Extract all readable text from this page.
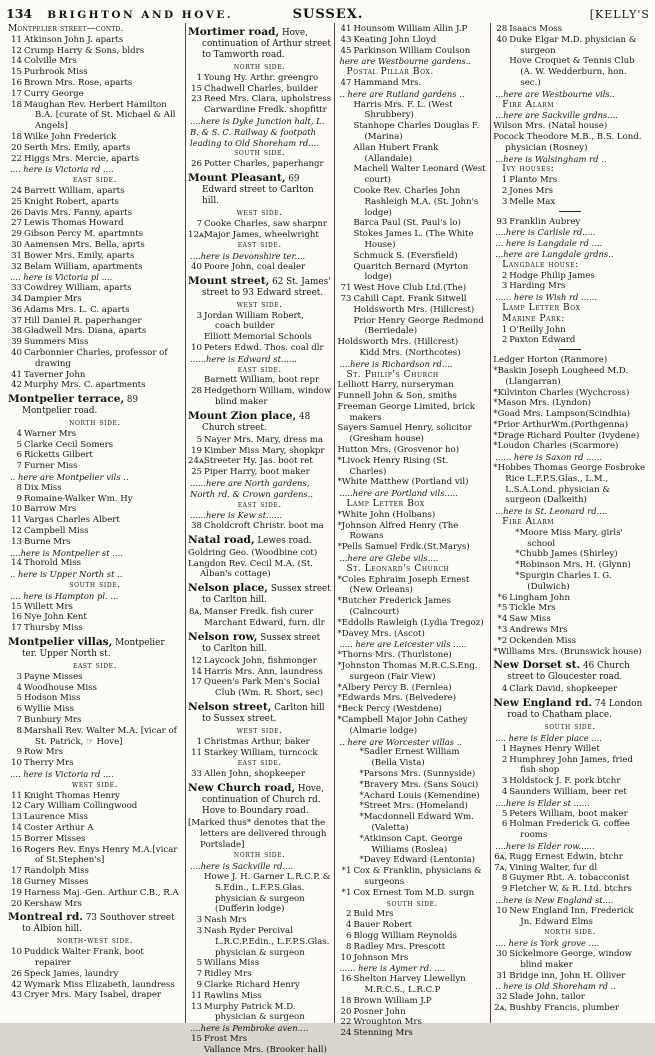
134 BRIGHTON AND HOVE.	SUSSEX.	[KELLY'S
Montpelier street—contd.
11 Atkinson John J. aparts
12 Crump Harry & Sons, bldrs
14 Colville Mrs
15 Purbrook Miss
16 Brown Mrs. Rose, aparts
17 Curry George
18 Maughan Rev. Herbert Hamilton B.A. [curate of St. Michael & All Angels]
18 Wilke John Frederick
20 Serth Mrs. Emily, aparts
22 Higgs Mrs. Mercie, aparts
.... here is Victoria rd ....
east side.
24 Barrett William, aparts
25 Knight Robert, aparts
26 Davis Mrs. Fanny, aparts
27 Lewis Thomas Howard
29 Gibson Percy M. apartmnts
30 Aamensen Mrs. Bella, aprts
31 Bower Mrs. Emily, aparts
32 Belam William, apartments
.... here is Victoria pl ....
33 Cowdrey William, aparts
34 Dampier Mrs
36 Adams Mrs. L. C. aparts
37 Hill Daniel R. paperhanger
38 Gladwell Mrs. Diana, aparts
39 Summers Miss
40 Carbonnier Charles, professor of drawing
41 Taverner John
42 Murphy Mrs. C. apartments
Montpelier terrace, 89 Montpelier road.
north side.
4 Warner Mrs
5 Clarke Cecil Somers
6 Ricketts Gilbert
7 Furner Miss
.. here are Montpelier vils ..
8 Dix Miss
9 Romaine-Walker Wm. Hy
10 Barrow Mrs
11 Vargas Charles Albert
12 Campbell Miss
13 Burne Mrs
....here is Montpelier st ....
14 Thorold Miss
.. here is Upper North st ..
south side.
.... here is Hampton pl. ...
15 Willett Mrs
16 Nye John Kent
17 Thursby Miss
Montpelier villas, Montpelier ter. Upper North st.
east side.
3 Payne Misses
4 Woodhouse Miss
5 Hodson Miss
6 Wyllie Miss
7 Bunbury Mrs
8 Marshall Rev. Walter M.A. [vicar of St. Patrick, ☞ Hove]
9 Row Mrs
10 Therry Mrs
.... here is Victoria rd ....
west side.
11 Knight Thomas Henry
12 Cary William Collingwood
13 Laurence Miss
14 Coster Arthur A
15 Borrer Misses
16 Rogers Rev. Enys Henry M.A.[vicar of St.Stephen's]
17 Randolph Miss
18 Gurney Misses
19 Harness Maj.-Gen. Arthur C.B., R.A
20 Kershaw Mrs
Montreal rd. 73 Southover street to Albion hill.
north-west side.
10 Puddick Walter Frank, boot repairer
26 Speck James, laundry
42 Wymark Miss Elizabeth, laundress
43 Cryer Mrs. Mary Isabel, draper
Mortimer road, Hove, continuation of Arthur street to Tamworth road.
north side.
1 Young Hy. Arthr. greengro
15 Chadwell Charles, builder
23 Reed Mrs. Clara, upholstress
Carwardine Fredk. shopfittr
....here is Dyke Junction halt, L. B. & S. C. Railway & footpath leading to Old Shoreham rd....
south side.
26 Potter Charles, paperhangr
Mount Pleasant, 69 Edward street to Carlton hill.
west side.
7 Cooke Charles, saw sharpnr
12ᴀ,
Major James, wheelwright
east side.
....here is Devonshire ter....
40 Poore John, coal dealer
Mount street, 62 St. James' street to 93 Edward street.
west side.
3 Jordan William Robert, coach builder
Elliott Memorial Schools
10 Peters Edwd. Thos. coal dlr
......here is Edward st......
east side.
Barnett William, boot repr
28 Hedgethorn William, window blind maker
Mount Zion place, 48 Church street.
5 Nayer Mrs. Mary, dress ma
19 Kimber Miss Mary, shopkpr
24ᴀ,
Streeter Hy. Jas. boot ret
25 Piper Harry, boot maker
......here are North gardens, North rd. & Crown gardens..
east side.
......here is Kew st......
38 Choldcroft Christr. boot ma
Natal road, Lewes road.
Goldring Geo. (Woodbine cot)
Langdon Rev. Cecil M.A. (St. Alban's cottage)
Nelson place, Sussex street to Carlton hill.
8ᴀ, Manser Fredk. fish curer
Marchant Edward, furn. dlr
Nelson row, Sussex street to Carlton hill.
12 Laycock John, fishmonger
14 Harris Mrs. Ann, laundress
17 Queen's Park Men's Social Club (Wm. R. Short, sec)
Nelson street, Carlton hill to Sussex street.
west side.
1 Christmas Arthur, baker
11 Starkey William, turncock
east side.
33 Allen John, shopkeeper
New Church road, Hove, continuation of Church rd. Hove to Boundary road.
[Marked thus* denotes that the letters are delivered through Portslade]
north side.
....here is Sackville rd....
Howe J. H. Garner L.R.C.P. & S.Edin., L.F.P.S.Glas. physician & surgeon (Dufferin lodge)
3 Nash Mrs
3 Nash Ryder Percival L.R.C.P.Edin., L.F.P.S.Glas. physician & surgeon
5 Willans Miss
7 Ridley Mrs
9 Clarke Richard Henry
11 Rawlins Miss
13 Murphy Patrick M.D. physician & surgeon
....here is Pembroke aven....
15 Frost Mrs
Vallance Mrs. (Brooker hall)
41 Hounsom William Allin J.P
43 Keating John Lloyd
45 Parkinson William Coulson
here are Westbourne gardens..
Postal Pillar Box.
47 Hammand Mrs.
.. here are Rutland gardens ..
Harris Mrs. F. L. (West Shrubbery)
Stanhope Charles Douglas F. (Marina)
Allan Hubert Frank (Allandale)
Machell Walter Leonard (West court)
Cooke Rev. Charles John Rashleigh M.A. (St. John's lodge)
Barca Paul (St. Paul's lo)
Stokes James L. (The White House)
Schmuck S. (Eversfield)
Quaritch Bernard (Myrton lodge)
71 West Hove Club Ltd.(The)
73 Cahill Capt. Frank Sitwell
Holdsworth Mrs. (Hillcrest)
Prior Henry George Redmond (Berriedale)
Holdsworth Mrs. (Hillcrest)
Kidd Mrs. (Northcotes)
....here is Richardson rd....
St. Philip's Church
Lelliott Harry, nurseryman
Funnell John & Son, smiths
Freeman George Limited, brick makers
Sayers Samuel Henry, solicitor (Gresham house)
Hutton Mrs. (Grosvenor ho)
*Livock Henry Rising (St. Charles)
*White Matthew (Portland vil)
.....here are Portland vils.....
Lamp Letter Box
*White John (Holbans)
*Johnson Alfred Henry (The Rowans
*Pells Samuel Frdk.(St.Marys)
...here are Glebe vils....
St. Leonard's Church
*Coles Ephraim Joseph Ernest (New Orleans)
*Butcher Frederick James (Calncourt)
*Eddolls Rawleigh (Lydia Tregoz)
*Davey Mrs. (Ascot)
..... here are Leicester vils .....
*Thorns Mrs. (Thurlstone)
*Johnston Thomas M.R.C.S.Eng. surgeon (Fair View)
*Albery Percy B. (Fernlea)
*Edwards Mrs. (Belvedere)
*Beck Percy (Westdene)
*Campbell Major John Cathey (Almarie lodge)
.. here are Worcester villas ..
*Sadler Ernest William (Bella Vista)
*Parsons Mrs. (Sunnyside)
*Bravery Mrs. (Sans Souci)
*Achard Louis (Kemendine)
*Street Mrs. (Homeland)
*Macdonnell Edward Wm. (Valetta)
*Atkinson Capt. George Williams (Roslea)
*Davey Edward (Lentonia)
*1 Cox & Franklin, physicians & surgeons
*1 Cox Ernest Tom M.D. surgn
south side.
2 Buld Mrs
4 Bauer Robert
6 Blogg William Reynolds
8 Radley Mrs. Prescott
10 Johnson Mrs
...... here is Aymer rd. ....
16 Shelton Harvey Llewellyn M.R.C.S., L.R.C.P
18 Brown William J.P
20 Posner John
22 Wroughton Mrs
24 Stenning Mrs
28 Isaacs Moss
40 Duke Elgar M.D. physician & surgeon
Hove Croquet & Tennis Club (A. W. Wedderburn, hon. sec.)
...here are Westbourne vils..
Fire Alarm
...here are Sackville grdns....
Wilson Mrs. (Natal house)
Pocock Theodore M.B., B.S. Lond. physician (Rosney)
...here is Walsingham rd ..
Ivy houses:
1 Planto Mrs
2 Jones Mrs
3 Melle Max
93 Franklin Aubrey
....here is Carlisle rd.....
... here is Langdale rd ....
...here are Langdale grdns..
Langdale house:
2 Hodge Philip James
3 Harding Mrs
...... here is Wish rd ......
Lamp Letter Box
Marine Park:
1 O'Reilly John
2 Paxton Edward
Ledger Horton (Ranmore)
*Baskin Joseph Lougheed M.D. (Llangarran)
*Kilvinton Charles (Wychcross)
*Mason Mrs. (Lyndon)
*Goad Mrs. Lampson(Scindhia)
*Prior ArthurWm.(Porthgenna)
*Drage Richard Poulter (Ivydene)
*Loudon Charles (Scarmore)
...... here is Saxon rd ......
*Hobbes Thomas George Fosbroke Rice L.F.P.S.Glas., L.M., L.S.A.Lond. physician & surgeon (Dalkeith)
...here is St. Leonard rd....
Fire Alarm
*Moore Miss Mary, girls' school
*Chubb James (Shirley)
*Robinson Mrs. H. (Glynn)
*Spurgin Charles I. G. (Dulwich)
*6 Lingham John
*5 Tickle Mrs
*4 Saw Miss
*3 Andrews Mrs
*2 Ockenden Miss
*Williams Mrs. (Brunswick house)
New Dorset st. 46 Church street to Gloucester road.
4 Clark David, shopkeeper
New England rd. 74 London road to Chatham place.
south side.
.... here is Elder place ....
1 Haynes Henry Willet
2 Humphrey John James, fried fish shop
3 Holdstock J. F. pork btchr
4 Saunders William, beer ret
....here is Elder st ......
5 Peters William, boot maker
6 Holman Frederick G. coffee rooms
....here is Elder row......
6ᴀ, Rugg Ernest Edwin, btchr
7ᴀ, Vining Walter, fur dl
8 Guymer Rbt. A. tobacconist
9 Fletcher W. & R. Ltd. btchrs
...here is New England st....
10 New England Inn, Frederick Jn. Edward Elms
north side.
.... here is York grove ....
30 Sickelmore George, window blind maker
31 Bridge inn, John H. Olliver
.. here is Old Shoreham rd ..
32 Slade John, tailor
2ᴀ, Bushby Francis, plumber
